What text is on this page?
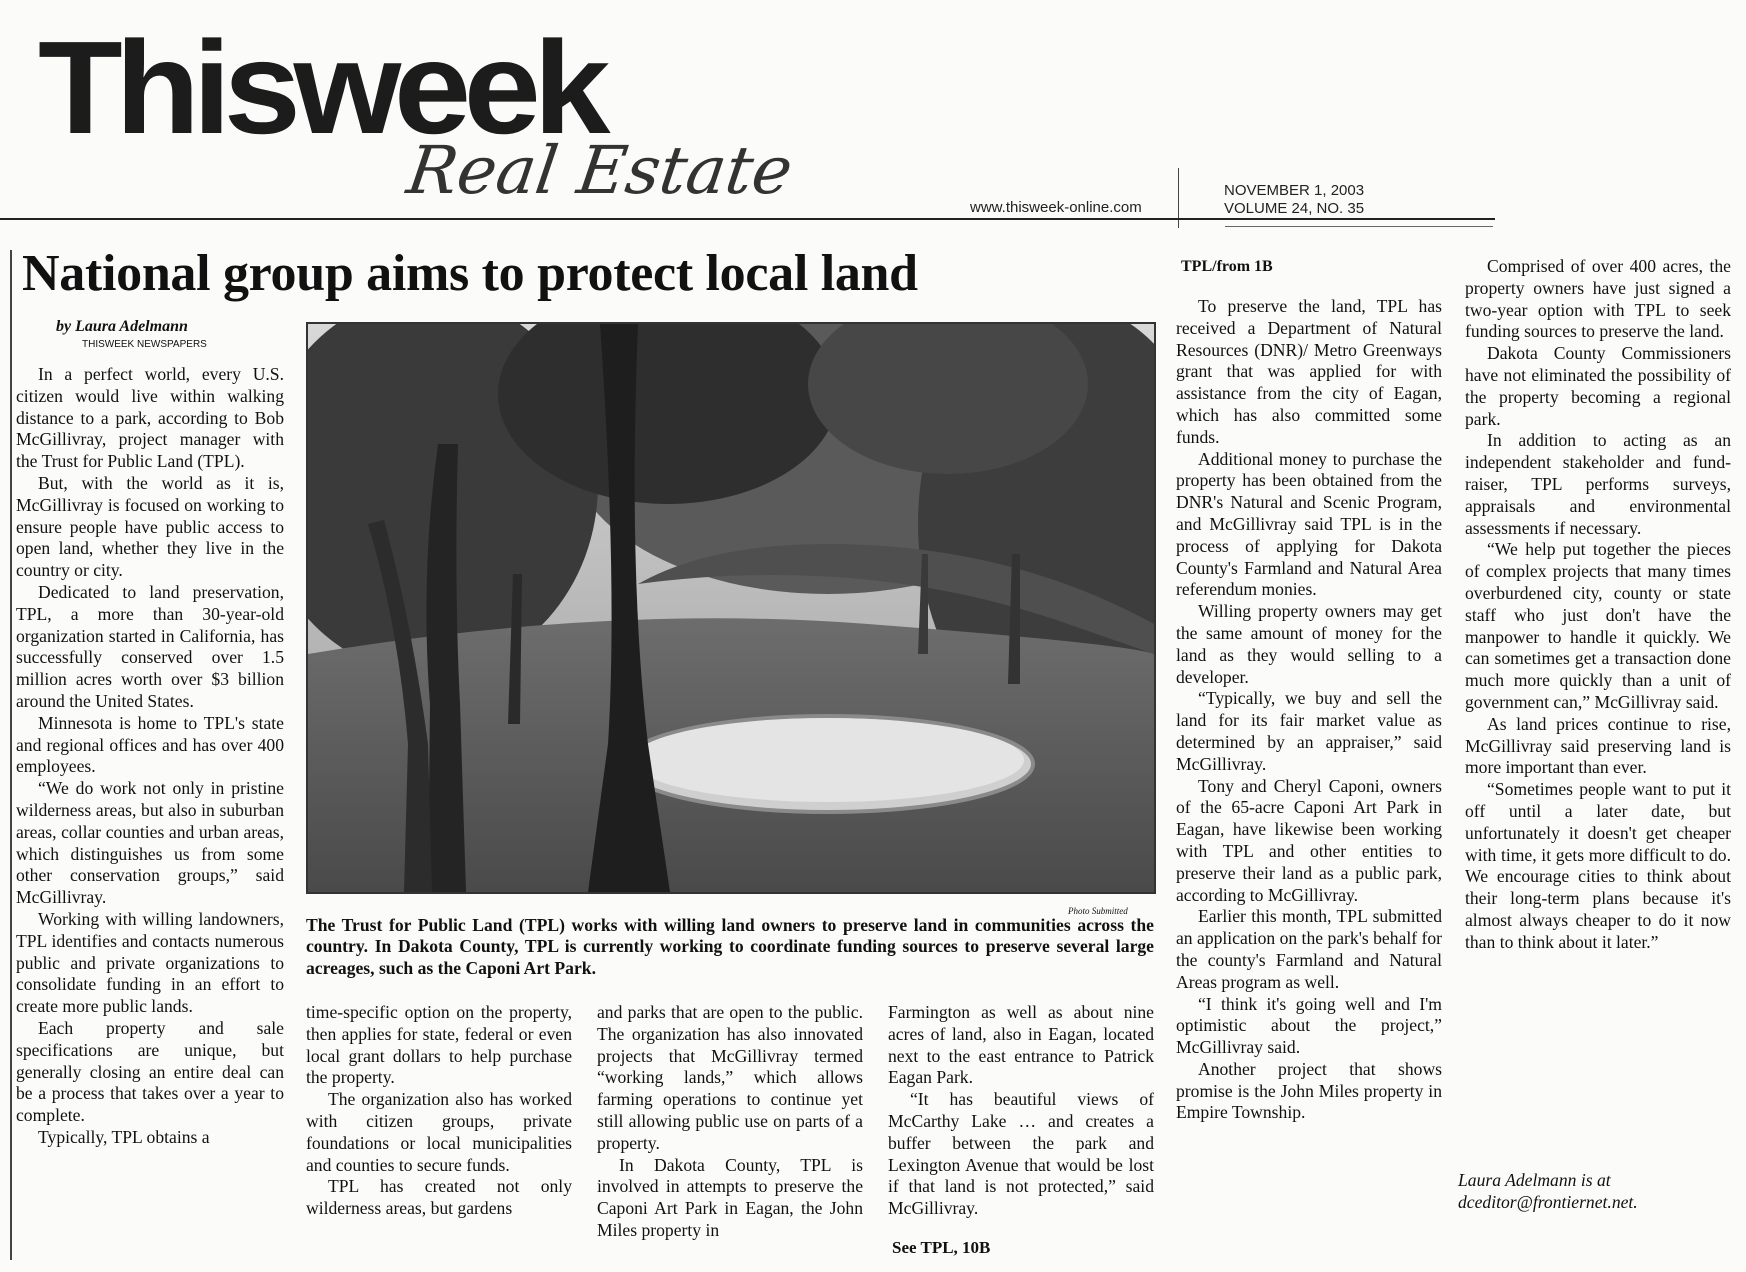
Thisweek
Real Estate	www.thisweek-online.com
NOVEMBER 1, 2003
VOLUME 24, NO. 35
National group aims to protect local land
by Laura Adelmann
THISWEEK NEWSPAPERS

In a perfect world, every U.S. citizen would live within walking distance to a park, according to Bob McGillivray, project manager with the Trust for Public Land (TPL).

But, with the world as it is, McGillivray is focused on working to ensure people have public access to open land, whether they live in the country or city.

Dedicated to land preservation, TPL, a more than 30-year-old organization started in California, has successfully conserved over 1.5 million acres worth over $3 billion around the United States.

Minnesota is home to TPL's state and regional offices and has over 400 employees.

“We do work not only in pristine wilderness areas, but also in suburban areas, collar counties and urban areas, which distinguishes us from some other conservation groups,” said McGillivray.

Working with willing landowners, TPL identifies and contacts numerous public and private organizations to consolidate funding in an effort to create more public lands.

Each property and sale specifications are unique, but generally closing an entire deal can be a process that takes over a year to complete.

Typically, TPL obtains a

Photo Submitted
The Trust for Public Land (TPL) works with willing land owners to preserve land in communities across the country. In Dakota County, TPL is currently working to coordinate funding sources to preserve several large acreages, such as the Caponi Art Park.

time-specific option on the property, then applies for state, federal or even local grant dollars to help purchase the property.

The organization also has worked with citizen groups, private foundations or local municipalities and counties to secure funds.

TPL has created not only wilderness areas, but gardens

and parks that are open to the public. The organization has also innovated projects that McGillivray termed “working lands,” which allows farming operations to continue yet still allowing public use on parts of a property.

In Dakota County, TPL is involved in attempts to preserve the Caponi Art Park in Eagan, the John Miles property in

Farmington as well as about nine acres of land, also in Eagan, located next to the east entrance to Patrick Eagan Park.

“It has beautiful views of McCarthy Lake … and creates a buffer between the park and Lexington Avenue that would be lost if that land is not protected,” said McGillivray.

See TPL, 10B
TPL/from 1B

To preserve the land, TPL has received a Department of Natural Resources (DNR)/ Metro Greenways grant that was applied for with assistance from the city of Eagan, which has also committed some funds.

Additional money to purchase the property has been obtained from the DNR's Natural and Scenic Program, and McGillivray said TPL is in the process of applying for Dakota County's Farmland and Natural Area referendum monies.

Willing property owners may get the same amount of money for the land as they would selling to a developer.

“Typically, we buy and sell the land for its fair market value as determined by an appraiser,” said McGillivray.

Tony and Cheryl Caponi, owners of the 65-acre Caponi Art Park in Eagan, have likewise been working with TPL and other entities to preserve their land as a public park, according to McGillivray.

Earlier this month, TPL submitted an application on the park's behalf for the county's Farmland and Natural Areas program as well.

“I think it's going well and I'm optimistic about the project,” McGillivray said.

Another project that shows promise is the John Miles property in Empire Township.

Comprised of over 400 acres, the property owners have just signed a two-year option with TPL to seek funding sources to preserve the land.

Dakota County Commissioners have not eliminated the possibility of the property becoming a regional park.

In addition to acting as an independent stakeholder and fund-raiser, TPL performs surveys, appraisals and environmental assessments if necessary.

“We help put together the pieces of complex projects that many times overburdened city, county or state staff who just don't have the manpower to handle it quickly. We can sometimes get a transaction done much more quickly than a unit of government can,” McGillivray said.

As land prices continue to rise, McGillivray said preserving land is more important than ever.

“Sometimes people want to put it off until a later date, but unfortunately it doesn't get cheaper with time, it gets more difficult to do. We encourage cities to think about their long-term plans because it's almost always cheaper to do it now than to think about it later.”

Laura Adelmann is at
dceditor@frontiernet.net.
